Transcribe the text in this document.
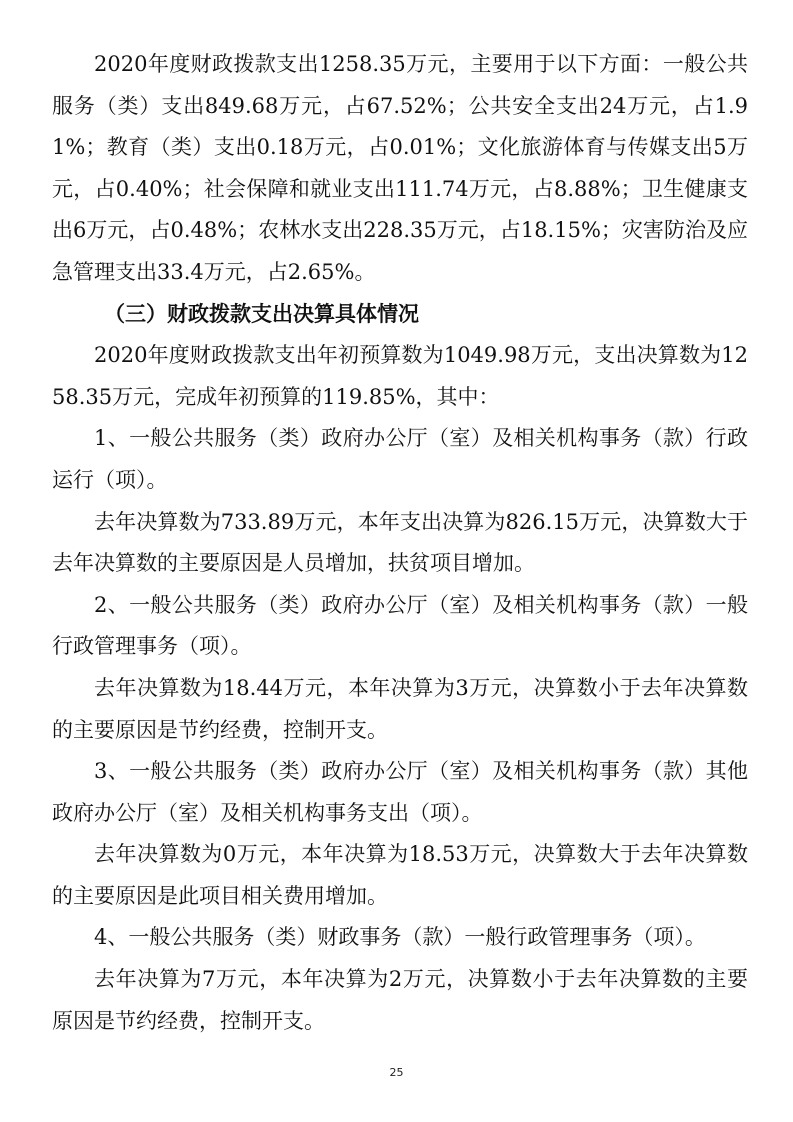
2020年度财政拨款支出1258.35万元，主要用于以下方面：一般公共服务（类）支出849.68万元，占67.52%；公共安全支出24万元，占1.91%；教育（类）支出0.18万元，占0.01%；文化旅游体育与传媒支出5万元，占0.40%；社会保障和就业支出111.74万元，占8.88%；卫生健康支出6万元，占0.48%；农林水支出228.35万元，占18.15%；灾害防治及应急管理支出33.4万元，占2.65%。

（三）财政拨款支出决算具体情况

2020年度财政拨款支出年初预算数为1049.98万元，支出决算数为1258.35万元，完成年初预算的119.85%，其中：

1、一般公共服务（类）政府办公厅（室）及相关机构事务（款）行政运行（项）。

去年决算数为733.89万元，本年支出决算为826.15万元，决算数大于去年决算数的主要原因是人员增加，扶贫项目增加。

2、一般公共服务（类）政府办公厅（室）及相关机构事务（款）一般行政管理事务（项）。

去年决算数为18.44万元，本年决算为3万元，决算数小于去年决算数的主要原因是节约经费，控制开支。

3、一般公共服务（类）政府办公厅（室）及相关机构事务（款）其他政府办公厅（室）及相关机构事务支出（项）。

去年决算数为0万元，本年决算为18.53万元，决算数大于去年决算数的主要原因是此项目相关费用增加。

4、一般公共服务（类）财政事务（款）一般行政管理事务（项）。

去年决算为7万元，本年决算为2万元，决算数小于去年决算数的主要原因是节约经费，控制开支。

25
